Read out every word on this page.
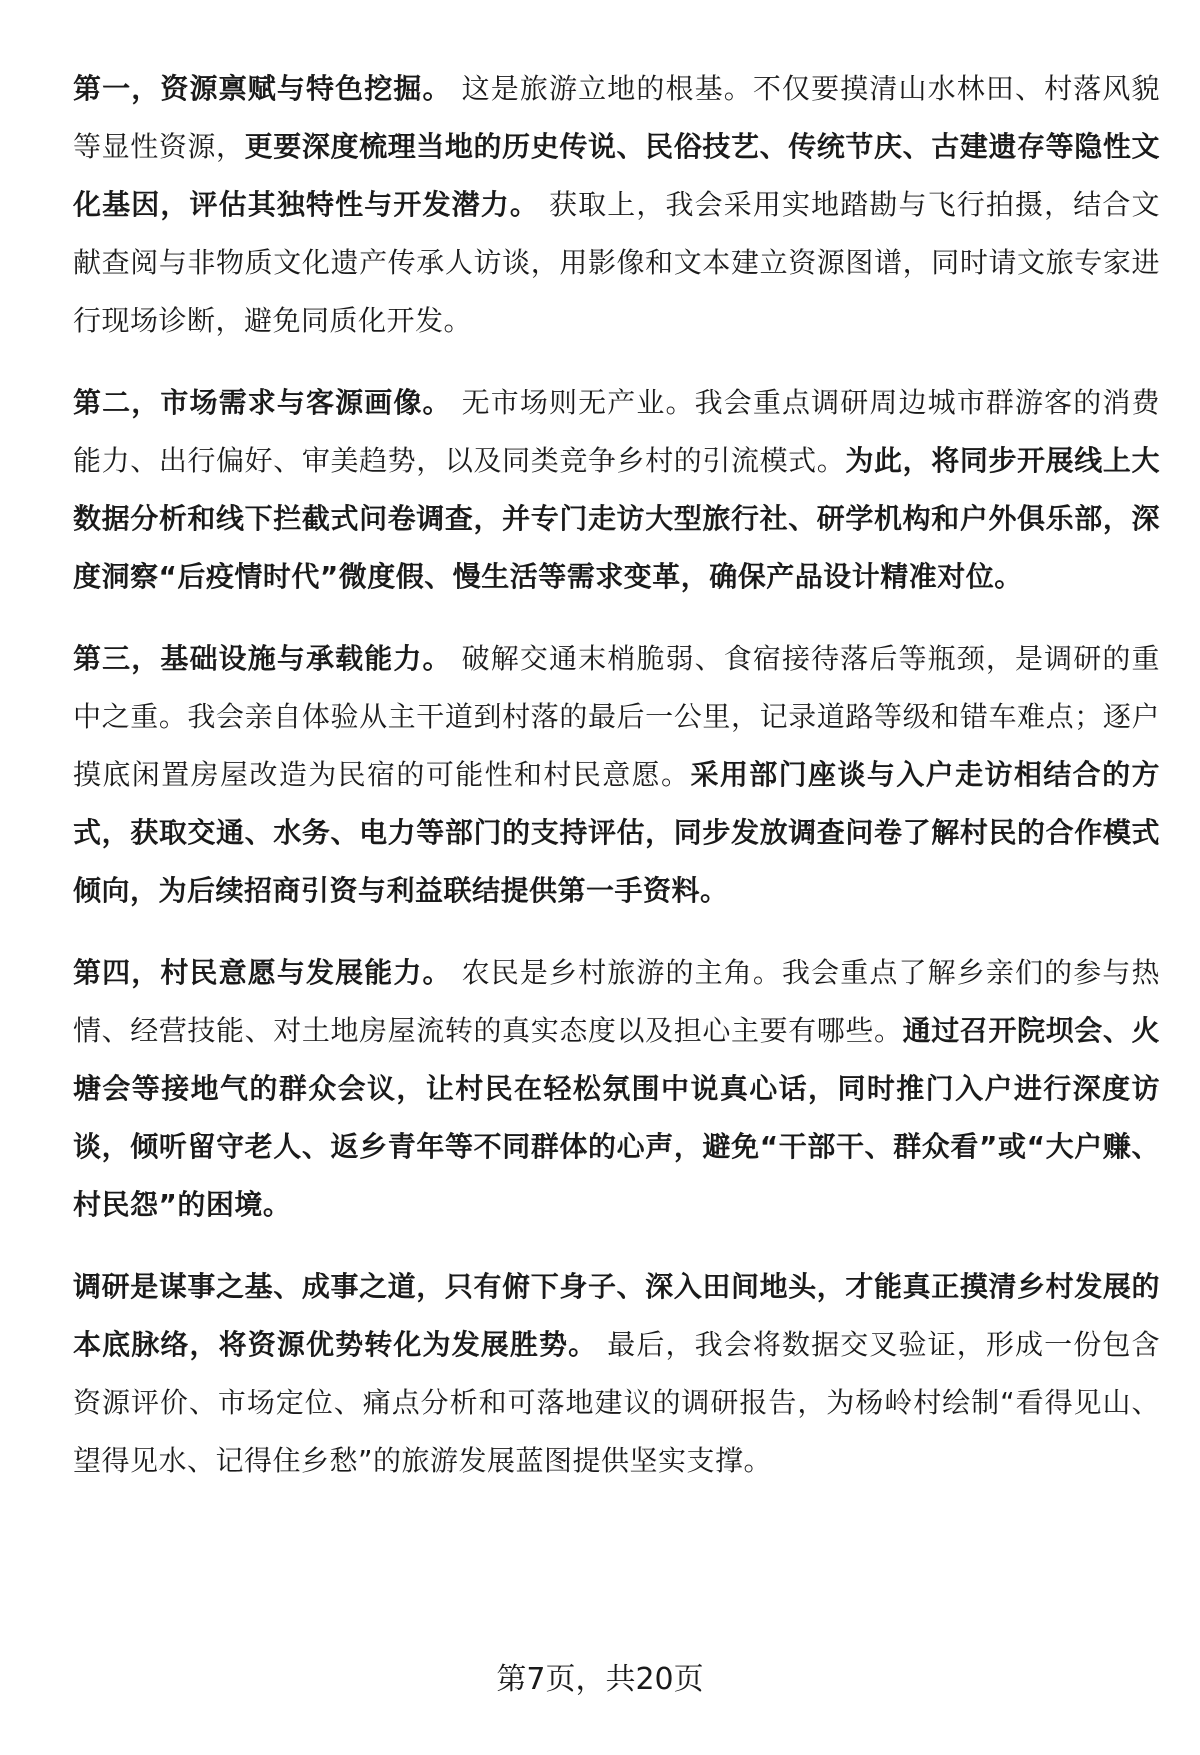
第一，资源禀赋与特色挖掘。 这是旅游立地的根基。不仅要摸清山水林田、村落风貌等显性资源，更要深度梳理当地的历史传说、民俗技艺、传统节庆、古建遗存等隐性文化基因，评估其独特性与开发潜力。 获取上，我会采用实地踏勘与飞行拍摄，结合文献查阅与非物质文化遗产传承人访谈，用影像和文本建立资源图谱，同时请文旅专家进行现场诊断，避免同质化开发。

第二，市场需求与客源画像。 无市场则无产业。我会重点调研周边城市群游客的消费能力、出行偏好、审美趋势，以及同类竞争乡村的引流模式。为此，将同步开展线上大数据分析和线下拦截式问卷调查，并专门走访大型旅行社、研学机构和户外俱乐部，深度洞察“后疫情时代”微度假、慢生活等需求变革，确保产品设计精准对位。

第三，基础设施与承载能力。 破解交通末梢脆弱、食宿接待落后等瓶颈，是调研的重中之重。我会亲自体验从主干道到村落的最后一公里，记录道路等级和错车难点；逐户摸底闲置房屋改造为民宿的可能性和村民意愿。采用部门座谈与入户走访相结合的方式，获取交通、水务、电力等部门的支持评估，同步发放调查问卷了解村民的合作模式倾向，为后续招商引资与利益联结提供第一手资料。

第四，村民意愿与发展能力。 农民是乡村旅游的主角。我会重点了解乡亲们的参与热情、经营技能、对土地房屋流转的真实态度以及担心主要有哪些。通过召开院坝会、火塘会等接地气的群众会议，让村民在轻松氛围中说真心话，同时推门入户进行深度访谈，倾听留守老人、返乡青年等不同群体的心声，避免“干部干、群众看”或“大户赚、村民怨”的困境。

调研是谋事之基、成事之道，只有俯下身子、深入田间地头，才能真正摸清乡村发展的本底脉络，将资源优势转化为发展胜势。 最后，我会将数据交叉验证，形成一份包含资源评价、市场定位、痛点分析和可落地建议的调研报告，为杨岭村绘制“看得见山、望得见水、记得住乡愁”的旅游发展蓝图提供坚实支撑。

第7页，共20页
